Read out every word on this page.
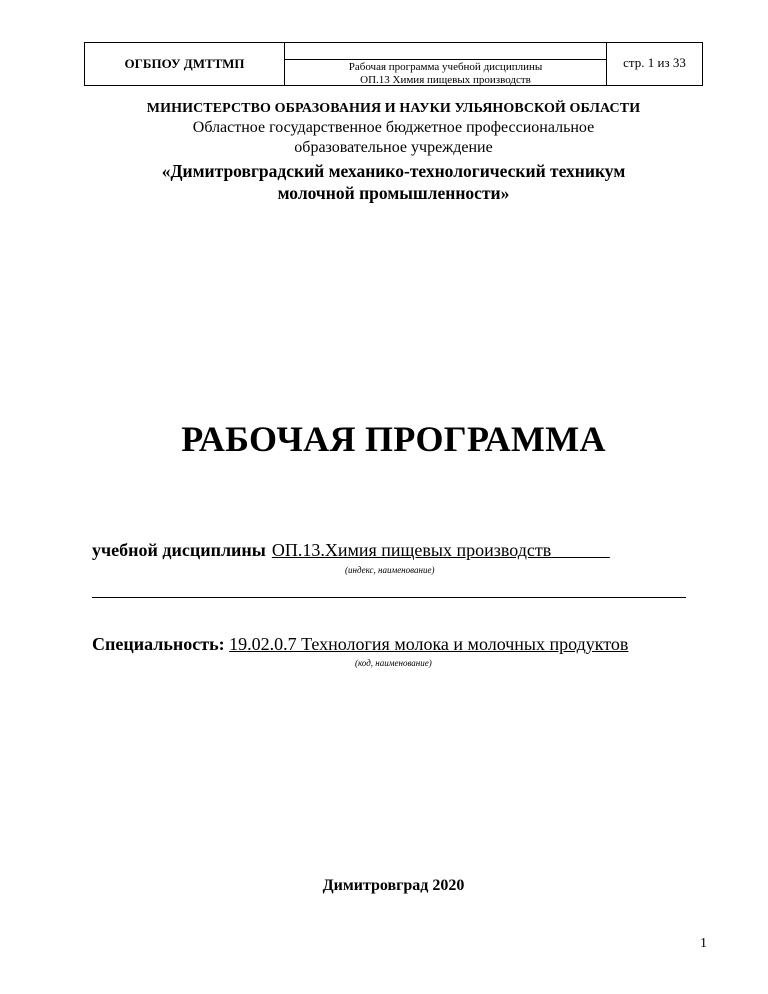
ОГБПОУ ДМТТМП	Рабочая программа учебной дисциплины
ОП.13 Химия пищевых производств
стр. 1 из 33
МИНИСТЕРСТВО ОБРАЗОВАНИЯ И НАУКИ УЛЬЯНОВСКОЙ ОБЛАСТИ
Областное государственное бюджетное профессиональное
образовательное учреждение
«Димитровградский механико-технологический техникум
молочной промышленности»
РАБОЧАЯ ПРОГРАММА
учебной дисциплины ОП.13.Химия пищевых производств
(индекс, наименование)
Специальность: 19.02.0.7 Технология молока и молочных продуктов
(код, наименование)
Димитровград 2020
1
